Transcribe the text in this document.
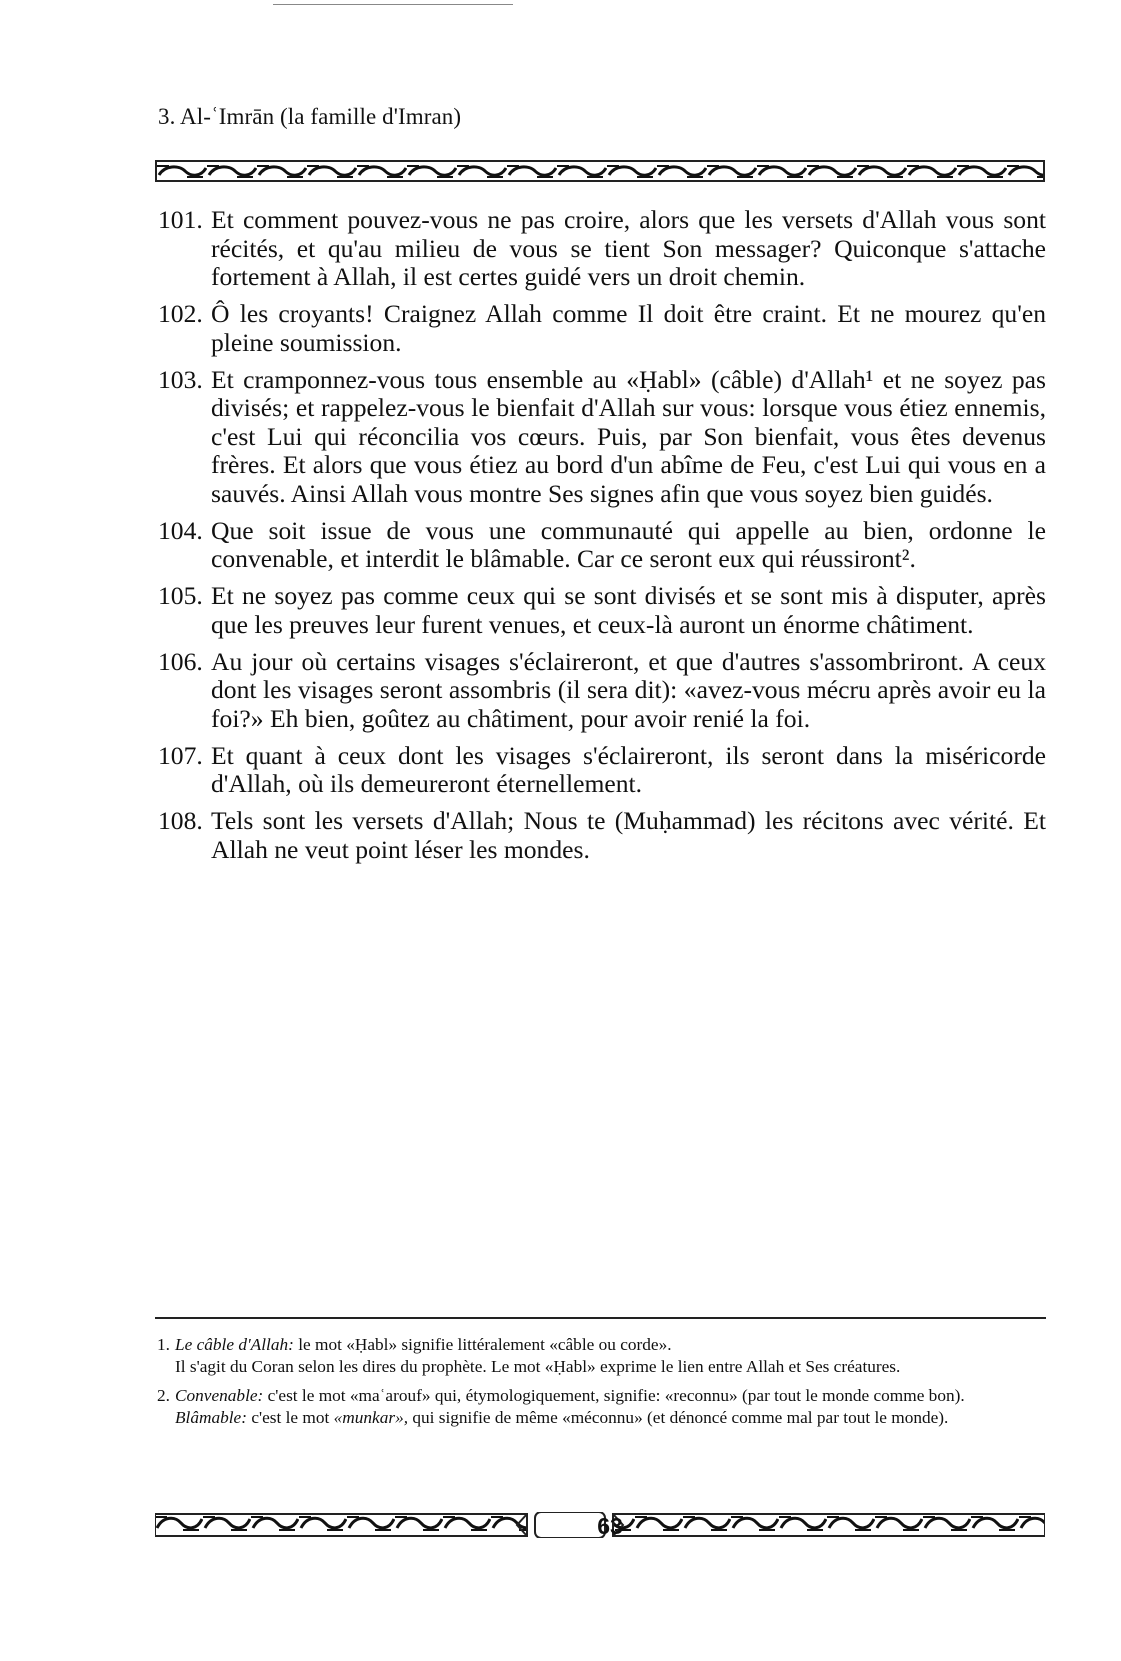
3. Al-ʿImrān (la famille d'Imran)
101. Et comment pouvez-vous ne pas croire, alors que les versets d'Allah vous sont récités, et qu'au milieu de vous se tient Son messager? Quiconque s'attache fortement à Allah, il est certes guidé vers un droit chemin.
102. Ô les croyants! Craignez Allah comme Il doit être craint. Et ne mourez qu'en pleine soumission.
103. Et cramponnez-vous tous ensemble au «Ḥabl» (câble) d'Allah¹ et ne soyez pas divisés; et rappelez-vous le bienfait d'Allah sur vous: lorsque vous étiez ennemis, c'est Lui qui réconcilia vos cœurs. Puis, par Son bienfait, vous êtes devenus frères. Et alors que vous étiez au bord d'un abîme de Feu, c'est Lui qui vous en a sauvés. Ainsi Allah vous montre Ses signes afin que vous soyez bien guidés.
104. Que soit issue de vous une communauté qui appelle au bien, ordonne le convenable, et interdit le blâmable. Car ce seront eux qui réussiront².
105. Et ne soyez pas comme ceux qui se sont divisés et se sont mis à disputer, après que les preuves leur furent venues, et ceux-là auront un énorme châtiment.
106. Au jour où certains visages s'éclaireront, et que d'autres s'assombriront. A ceux dont les visages seront assombris (il sera dit): «avez-vous mécru après avoir eu la foi?» Eh bien, goûtez au châtiment, pour avoir renié la foi.
107. Et quant à ceux dont les visages s'éclaireront, ils seront dans la miséricorde d'Allah, où ils demeureront éternellement.
108. Tels sont les versets d'Allah; Nous te (Muḥammad) les récitons avec vérité. Et Allah ne veut point léser les mondes.
1. Le câble d'Allah: le mot «Ḥabl» signifie littéralement «câble ou corde».
Il s'agit du Coran selon les dires du prophète. Le mot «Ḥabl» exprime le lien entre Allah et Ses créatures.
2. Convenable: c'est le mot «maʿarouf» qui, étymologiquement, signifie: «reconnu» (par tout le monde comme bon).
Blâmable: c'est le mot «munkar», qui signifie de même «méconnu» (et dénoncé comme mal par tout le monde).
63
